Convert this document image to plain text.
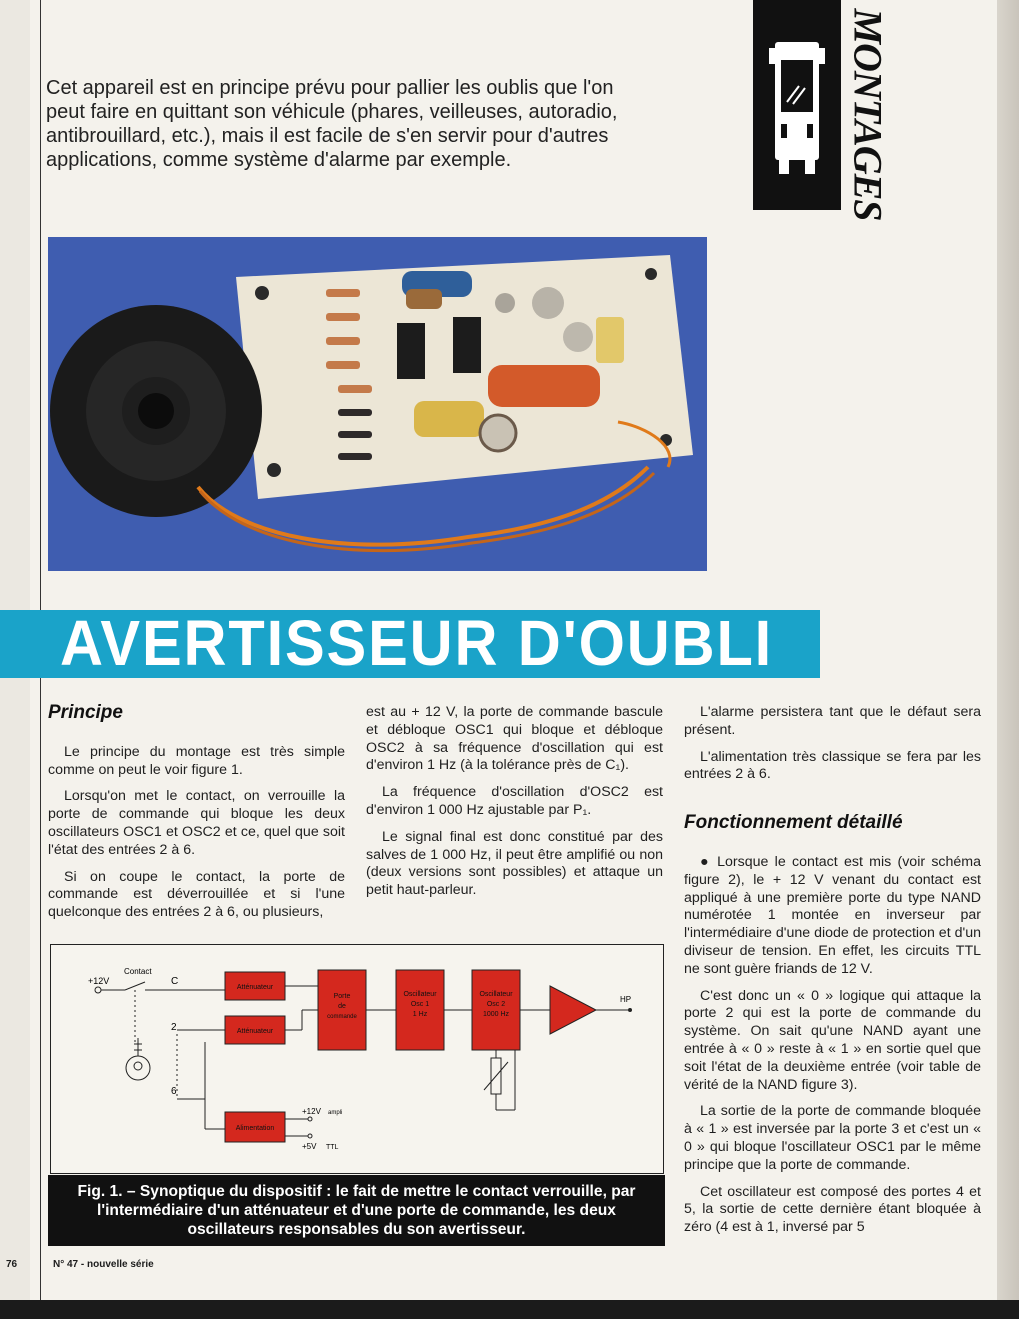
Cet appareil est en principe prévu pour pallier les oublis que l'on peut faire en quittant son véhicule (phares, veilleuses, autoradio, antibrouillard, etc.), mais il est facile de s'en servir pour d'autres applications, comme système d'alarme par exemple.	MONTAGES
AVERTISSEUR D'OUBLI
Principe

Le principe du montage est très simple comme on peut le voir figure 1.

Lorsqu'on met le contact, on verrouille la porte de commande qui bloque les deux oscillateurs OSC1 et OSC2 et ce, quel que soit l'état des entrées 2 à 6.

Si on coupe le contact, la porte de commande est déverrouillée et si l'une quelconque des entrées 2 à 6, ou plusieurs,

est au + 12 V, la porte de commande bascule et débloque OSC1 qui bloque et débloque OSC2 à sa fréquence d'oscillation qui est d'environ 1 Hz (à la tolérance près de C₁).

La fréquence d'oscillation d'OSC2 est d'environ 1 000 Hz ajustable par P₁.

Le signal final est donc constitué par des salves de 1 000 Hz, il peut être amplifié ou non (deux versions sont possibles) et attaque un petit haut-parleur.

L'alarme persistera tant que le défaut sera présent.

L'alimentation très classique se fera par les entrées 2 à 6.

Fonctionnement détaillé

● Lorsque le contact est mis (voir schéma figure 2), le + 12 V venant du contact est appliqué à une première porte du type NAND numérotée 1 montée en inverseur par l'intermédiaire d'une diode de protection et d'un diviseur de tension. En effet, les circuits TTL ne sont guère friands de 12 V.

C'est donc un « 0 » logique qui attaque la porte 2 qui est la porte de commande du système. On sait qu'une NAND ayant une entrée à « 0 » reste à « 1 » en sortie quel que soit l'état de la deuxième entrée (voir table de vérité de la NAND figure 3).

La sortie de la porte de commande bloquée à « 1 » est inversée par la porte 3 et c'est un « 0 » qui bloque l'oscillateur OSC1 par le même principe que la porte de commande.

Cet oscillateur est composé des portes 4 et 5, la sortie de cette dernière étant bloquée à zéro (4 est à 1, inversé par 5

+12V
Contact
C
2
6
Atténuateur
Atténuateur
Porte
de
commande
Oscillateur
Osc 1
1 Hz
Oscillateur
Osc 2
1000 Hz
HP
Alimentation
+12V ampli
+5V TTL
Fig. 1. – Synoptique du dispositif : le fait de mettre le contact verrouille, par l'intermédiaire d'un atténuateur et d'une porte de commande, les deux oscillateurs responsables du son avertisseur.
76	N° 47 - nouvelle série
